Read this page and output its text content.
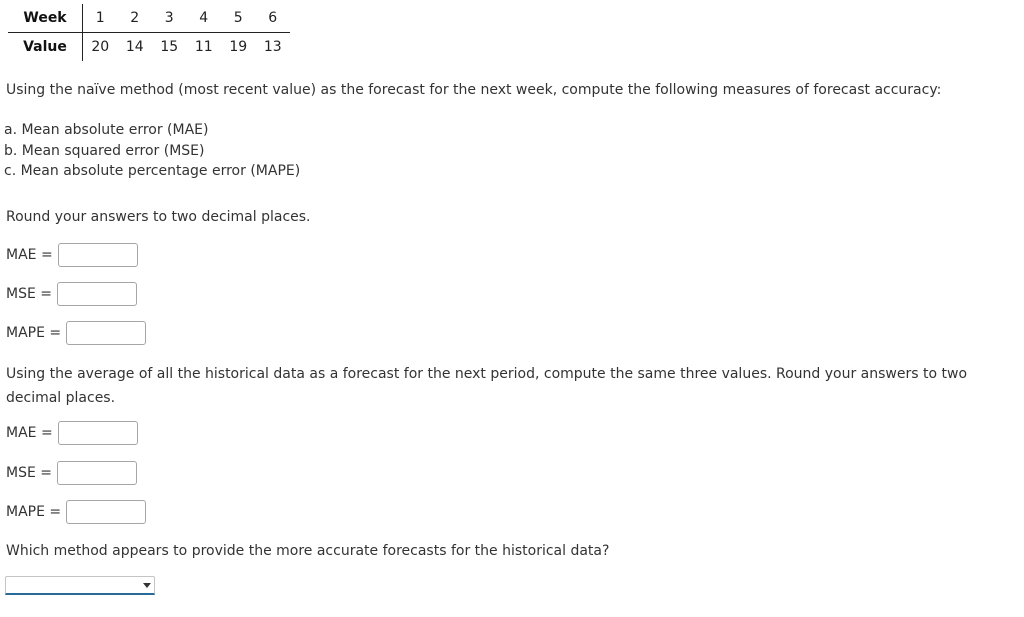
Week	1	2	3	4	5	6
Value	20	14	15	11	19	13
Using the naïve method (most recent value) as the forecast for the next week, compute the following measures of forecast accuracy:
a. Mean absolute error (MAE)
b. Mean squared error (MSE)
c. Mean absolute percentage error (MAPE)
Round your answers to two decimal places.
MAE =
MSE =
MAPE =
Using the average of all the historical data as a forecast for the next period, compute the same three values. Round your answers to two decimal places.
MAE =
MSE =
MAPE =
Which method appears to provide the more accurate forecasts for the historical data?
